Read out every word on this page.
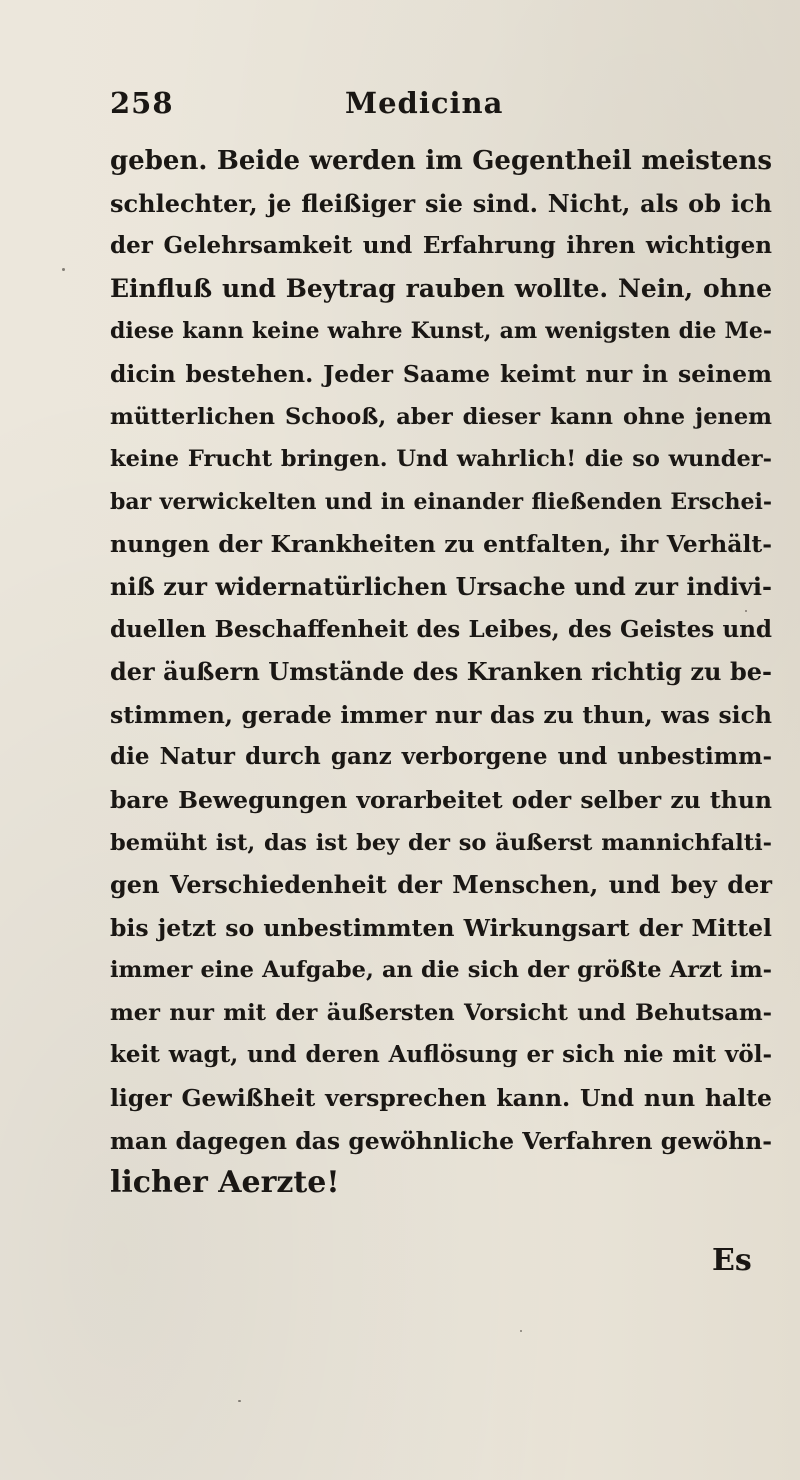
258	Medicina
geben. Beide werden im Gegentheil meistens
schlechter, je fleißiger sie sind. Nicht, als ob ich
der Gelehrsamkeit und Erfahrung ihren wichtigen
Einfluß und Beytrag rauben wollte. Nein, ohne
diese kann keine wahre Kunst, am wenigsten die Me-
dicin bestehen. Jeder Saame keimt nur in seinem
mütterlichen Schooß, aber dieser kann ohne jenem
keine Frucht bringen. Und wahrlich! die so wunder-
bar verwickelten und in einander fließenden Erschei-
nungen der Krankheiten zu entfalten, ihr Verhält-
niß zur widernatürlichen Ursache und zur indivi-
duellen Beschaffenheit des Leibes, des Geistes und
der äußern Umstände des Kranken richtig zu be-
stimmen, gerade immer nur das zu thun, was sich
die Natur durch ganz verborgene und unbestimm-
bare Bewegungen vorarbeitet oder selber zu thun
bemüht ist, das ist bey der so äußerst mannichfalti-
gen Verschiedenheit der Menschen, und bey der
bis jetzt so unbestimmten Wirkungsart der Mittel
immer eine Aufgabe, an die sich der größte Arzt im-
mer nur mit der äußersten Vorsicht und Behutsam-
keit wagt, und deren Auflösung er sich nie mit völ-
liger Gewißheit versprechen kann. Und nun halte
man dagegen das gewöhnliche Verfahren gewöhn-
licher Aerzte!
Es
